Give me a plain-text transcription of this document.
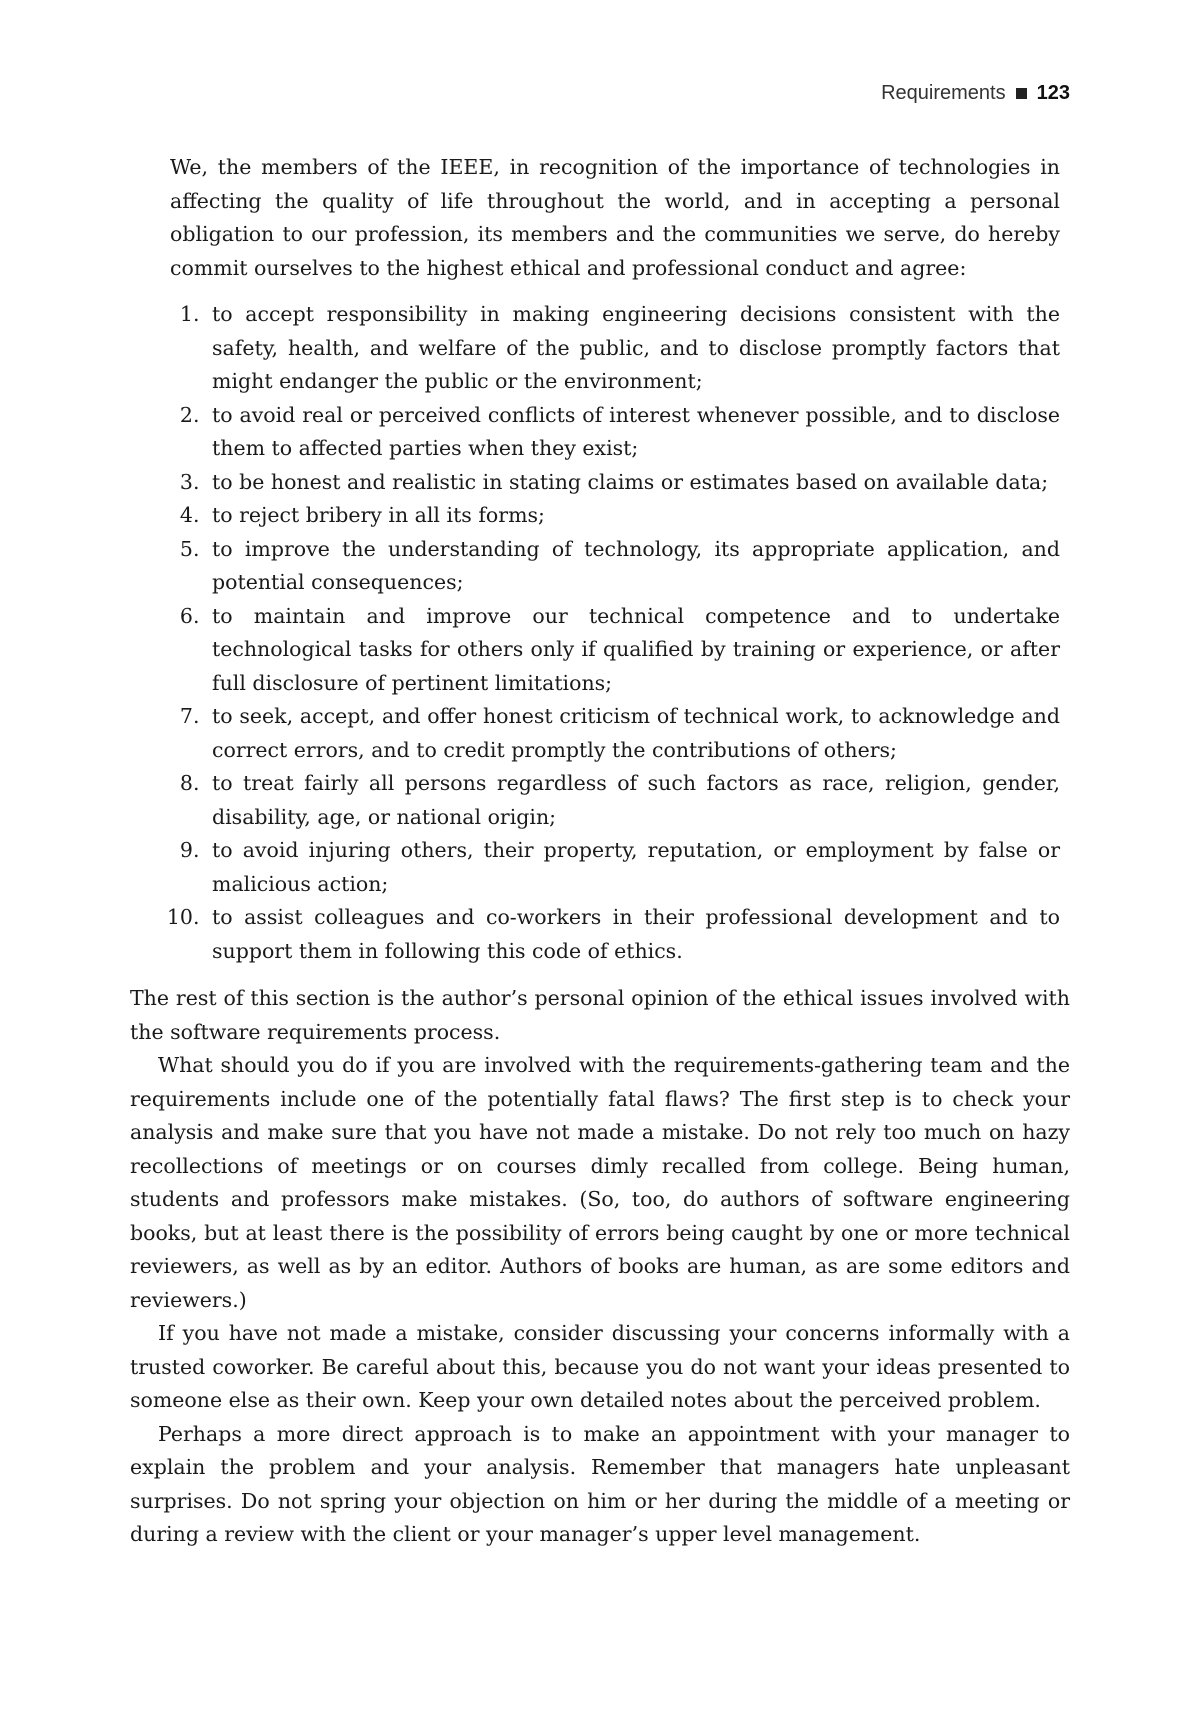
Requirements 123

We, the members of the IEEE, in recognition of the importance of technologies in affecting the quality of life throughout the world, and in accepting a personal obligation to our profession, its members and the communities we serve, do hereby commit ourselves to the highest ethical and professional conduct and agree:

1. to accept responsibility in making engineering decisions consistent with the safety, health, and welfare of the public, and to disclose promptly factors that might endanger the public or the environment;
2. to avoid real or perceived conflicts of interest whenever possible, and to disclose them to affected parties when they exist;
3. to be honest and realistic in stating claims or estimates based on available data;
4. to reject bribery in all its forms;
5. to improve the understanding of technology, its appropriate application, and potential consequences;
6. to maintain and improve our technical competence and to undertake technological tasks for others only if qualified by training or experience, or after full disclosure of pertinent limitations;
7. to seek, accept, and offer honest criticism of technical work, to acknowledge and correct errors, and to credit promptly the contributions of others;
8. to treat fairly all persons regardless of such factors as race, religion, gender, disability, age, or national origin;
9. to avoid injuring others, their property, reputation, or employment by false or malicious action;
10. to assist colleagues and co-workers in their professional development and to support them in following this code of ethics.

The rest of this section is the author’s personal opinion of the ethical issues involved with the software requirements process.

What should you do if you are involved with the requirements-gathering team and the requirements include one of the potentially fatal flaws? The first step is to check your analysis and make sure that you have not made a mistake. Do not rely too much on hazy recollections of meetings or on courses dimly recalled from college. Being human, students and professors make mistakes. (So, too, do authors of software engineering books, but at least there is the possibility of errors being caught by one or more technical reviewers, as well as by an editor. Authors of books are human, as are some editors and reviewers.)

If you have not made a mistake, consider discussing your concerns informally with a trusted coworker. Be careful about this, because you do not want your ideas presented to someone else as their own. Keep your own detailed notes about the perceived problem.

Perhaps a more direct approach is to make an appointment with your manager to explain the problem and your analysis. Remember that managers hate unpleasant surprises. Do not spring your objection on him or her during the middle of a meeting or during a review with the client or your manager’s upper level management.
